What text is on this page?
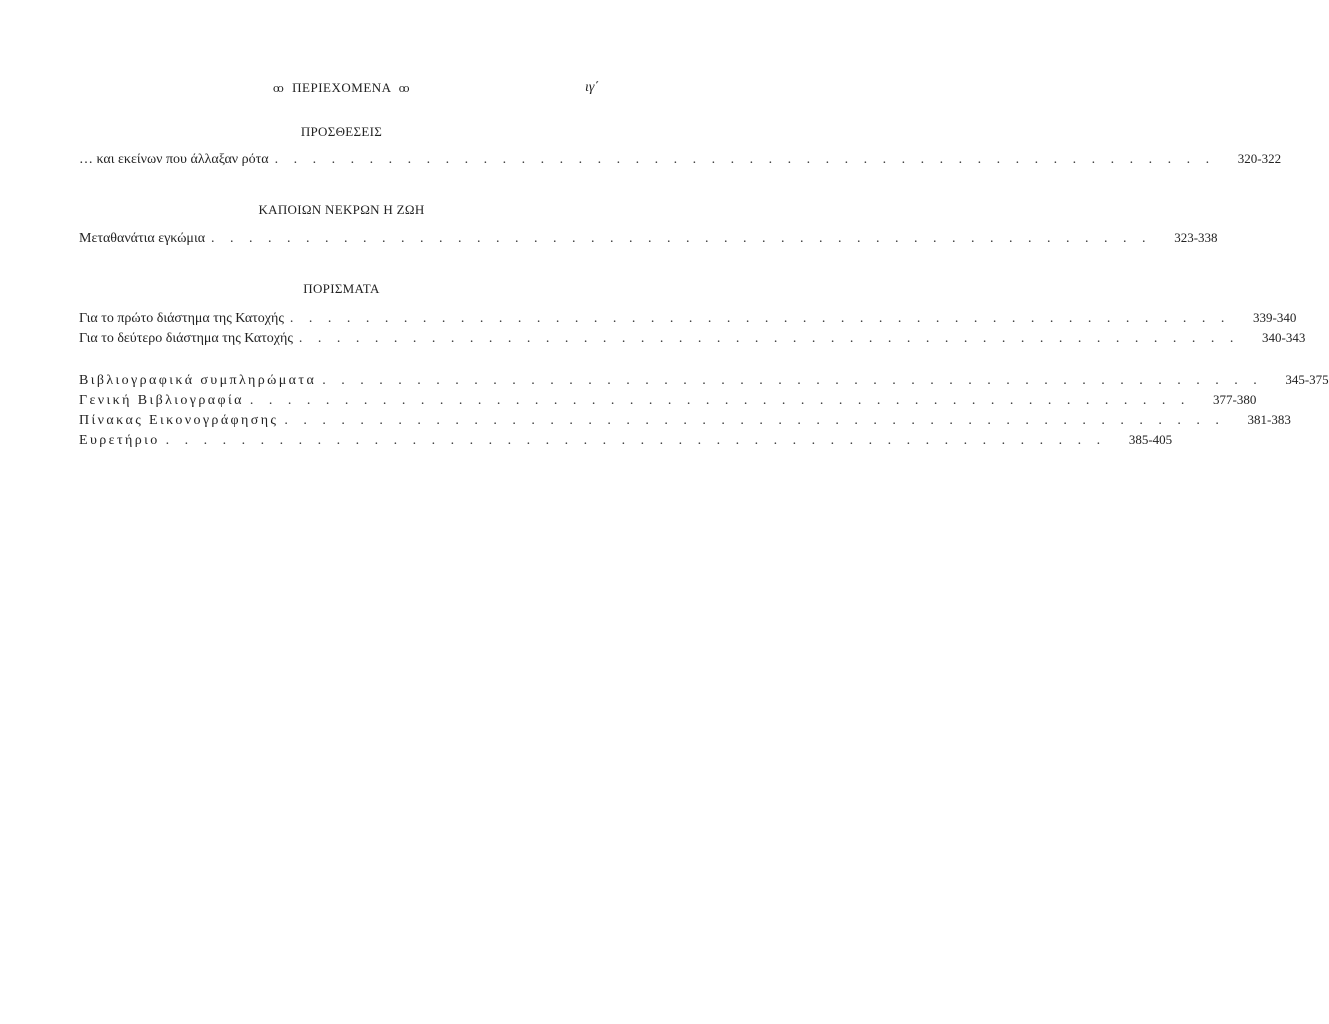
ꝏ ΠΕΡΙΕΧΟΜΕΝΑ ꝏ	ιγ΄
ΠΡΟΣΘΕΣΕΙΣ
… και εκείνων που άλλαξαν ρότα . . . . . . . . . . . . . . . . . . . . . . . . . . . . . . . . . . . . . . . . . . . . . . . . . .	320-322
ΚΑΠΟΙΩΝ ΝΕΚΡΩΝ Η ΖΩΗ
Μεταθανάτια εγκώμια . . . . . . . . . . . . . . . . . . . . . . . . . . . . . . . . . . . . . . . . . . . . . . . . . .	323-338
ΠΟΡΙΣΜΑΤΑ
Για το πρώτο διάστημα της Κατοχής . . . . . . . . . . . . . . . . . . . . . . . . . . . . . . . . . . . . . . . . . . . . . . . . . .	339-340
Για το δεύτερο διάστημα της Κατοχής . . . . . . . . . . . . . . . . . . . . . . . . . . . . . . . . . . . . . . . . . . . . . . . . . .	340-343
Βιβλιογραφικά συμπληρώματα . . . . . . . . . . . . . . . . . . . . . . . . . . . . . . . . . . . . . . . . . . . . . . . . . .	345-375
Γενική Βιβλιογραφία . . . . . . . . . . . . . . . . . . . . . . . . . . . . . . . . . . . . . . . . . . . . . . . . . .	377-380
Πίνακας Εικονογράφησης . . . . . . . . . . . . . . . . . . . . . . . . . . . . . . . . . . . . . . . . . . . . . . . . . .	381-383
Ευρετήριο . . . . . . . . . . . . . . . . . . . . . . . . . . . . . . . . . . . . . . . . . . . . . . . . . .	385-405
